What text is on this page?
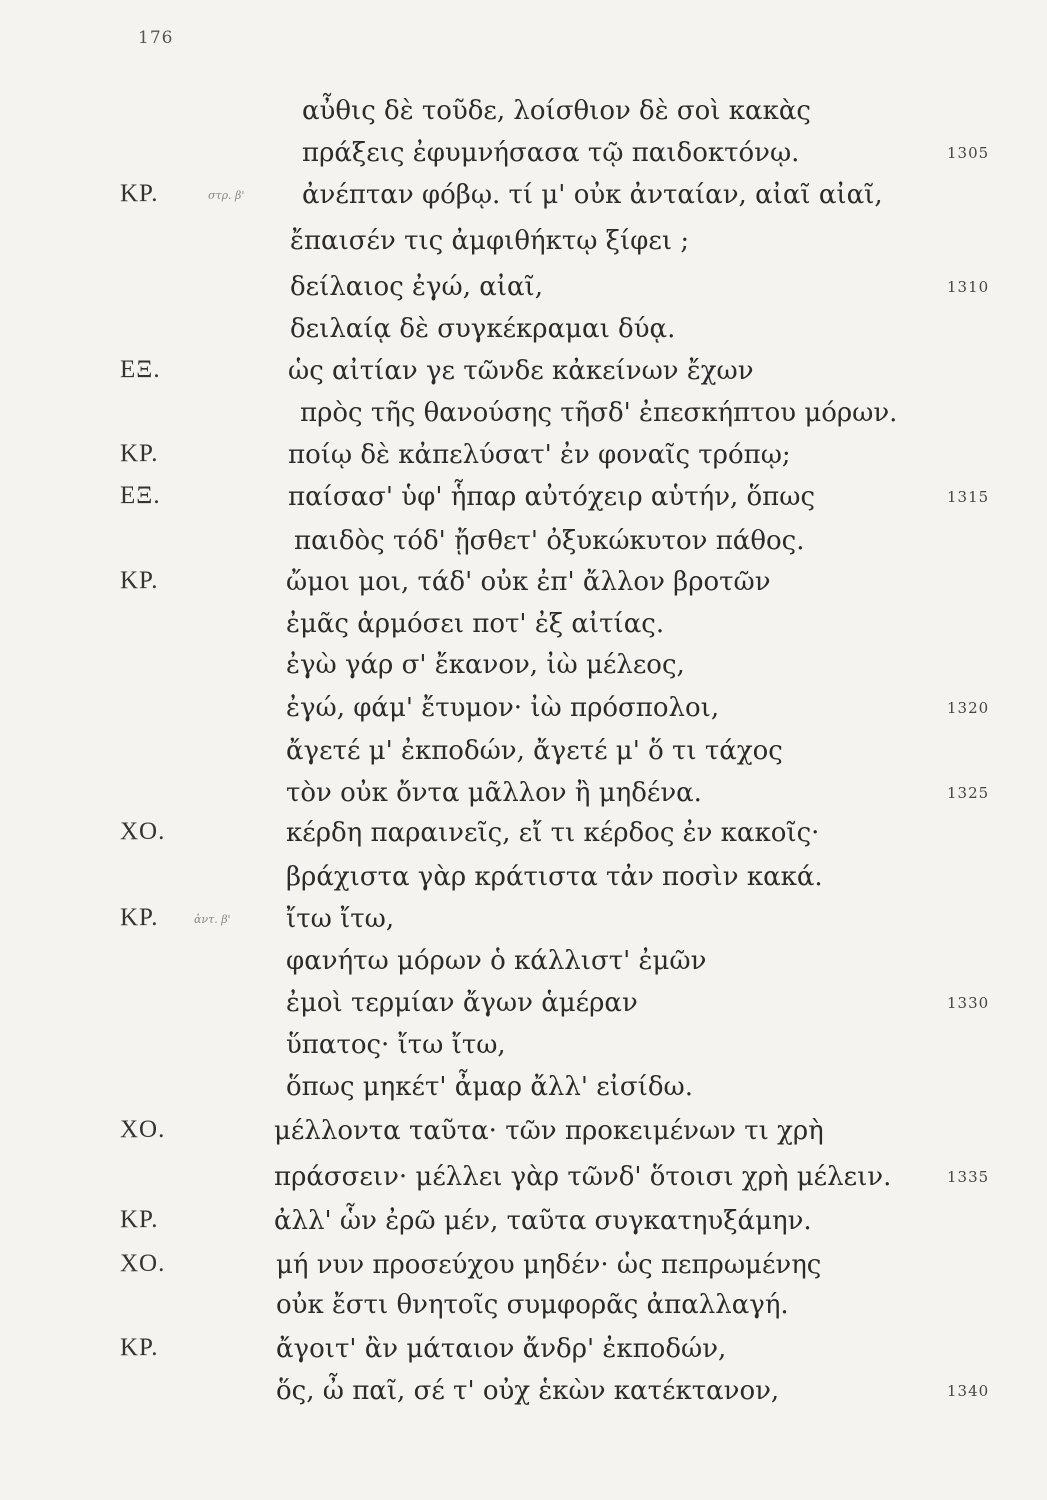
176
αὖθις δὲ τοῦδε, λοίσθιον δὲ σοὶ κακὰς
πράξεις ἐφυμνήσασα τῷ παιδοκτόνῳ.	1305
ΚΡ.	στρ. β' ἀνέπταν φόβῳ. τί μ' οὐκ ἀνταίαν, αἰαῖ αἰαῖ,
ἔπαισέν τις ἀμφιθήκτῳ ξίφει ;
δείλαιος ἐγώ, αἰαῖ,	1310
δειλαίᾳ δὲ συγκέκραμαι δύᾳ.
ΕΞ.	ὡς αἰτίαν γε τῶνδε κἀκείνων ἔχων
πρὸς τῆς θανούσης τῆσδ' ἐπεσκήπτου μόρων.
ΚΡ.	ποίῳ δὲ κἀπελύσατ' ἐν φοναῖς τρόπῳ;
ΕΞ.	παίσασ' ὑφ' ἧπαρ αὐτόχειρ αὑτήν, ὅπως	1315
παιδὸς τόδ' ᾔσθετ' ὀξυκώκυτον πάθος.
ΚΡ.	ὤμοι μοι, τάδ' οὐκ ἐπ' ἄλλον βροτῶν
ἐμᾶς ἁρμόσει ποτ' ἐξ αἰτίας.
ἐγὼ γάρ σ' ἔκανον, ἰὼ μέλεος,
ἐγώ, φάμ' ἔτυμον· ἰὼ πρόσπολοι,	1320
ἄγετέ μ' ἐκποδών, ἄγετέ μ' ὅ τι τάχος
τὸν οὐκ ὄντα μᾶλλον ἢ μηδένα.	1325
ΧΟ.	κέρδη παραινεῖς, εἴ τι κέρδος ἐν κακοῖς·
βράχιστα γὰρ κράτιστα τἀν ποσὶν κακά.
ΚΡ.	ἀντ. β' ἴτω ἴτω,
φανήτω μόρων ὁ κάλλιστ' ἐμῶν
ἐμοὶ τερμίαν ἄγων ἁμέραν	1330
ὕπατος· ἴτω ἴτω,
ὅπως μηκέτ' ἆμαρ ἄλλ' εἰσίδω.
ΧΟ.	μέλλοντα ταῦτα· τῶν προκειμένων τι χρὴ
πράσσειν· μέλλει γὰρ τῶνδ' ὅτοισι χρὴ μέλειν.	1335
ΚΡ.	ἀλλ' ὧν ἐρῶ μέν, ταῦτα συγκατηυξάμην.
ΧΟ.	μή νυν προσεύχου μηδέν· ὡς πεπρωμένης
οὐκ ἔστι θνητοῖς συμφορᾶς ἀπαλλαγή.
ΚΡ.	ἄγοιτ' ἂν μάταιον ἄνδρ' ἐκποδών,
ὅς, ὦ παῖ, σέ τ' οὐχ ἑκὼν κατέκτανον,	1340
